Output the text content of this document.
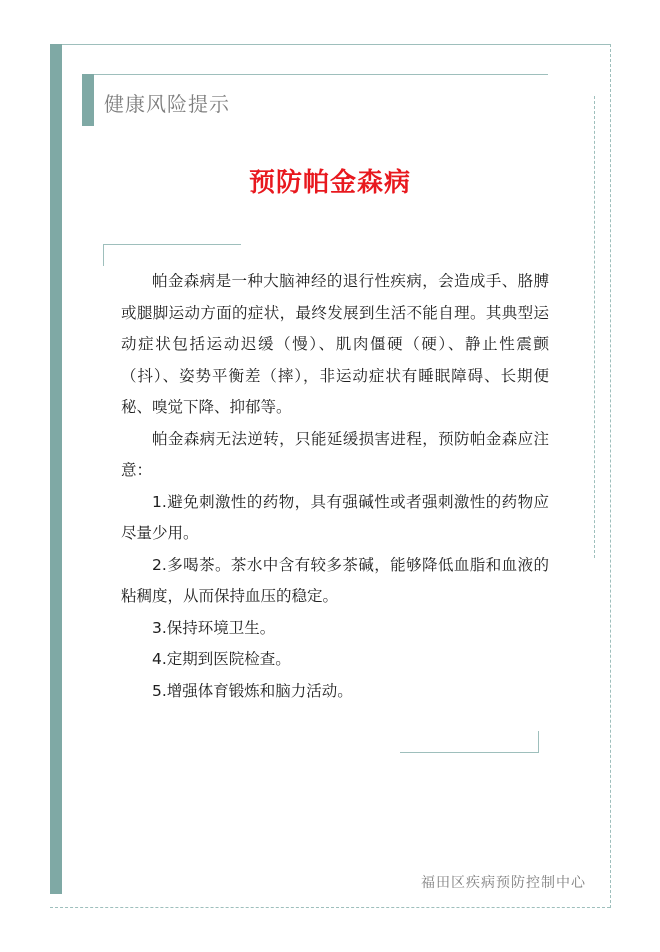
健康风险提示
预防帕金森病

帕金森病是一种大脑神经的退行性疾病，会造成手、胳膊或腿脚运动方面的症状，最终发展到生活不能自理。其典型运动症状包括运动迟缓（慢）、肌肉僵硬（硬）、静止性震颤（抖）、姿势平衡差（摔），非运动症状有睡眠障碍、长期便秘、嗅觉下降、抑郁等。

帕金森病无法逆转，只能延缓损害进程，预防帕金森应注意：

1.避免刺激性的药物，具有强碱性或者强刺激性的药物应尽量少用。

2.多喝茶。茶水中含有较多茶碱，能够降低血脂和血液的粘稠度，从而保持血压的稳定。

3.保持环境卫生。

4.定期到医院检查。

5.增强体育锻炼和脑力活动。

福田区疾病预防控制中心
